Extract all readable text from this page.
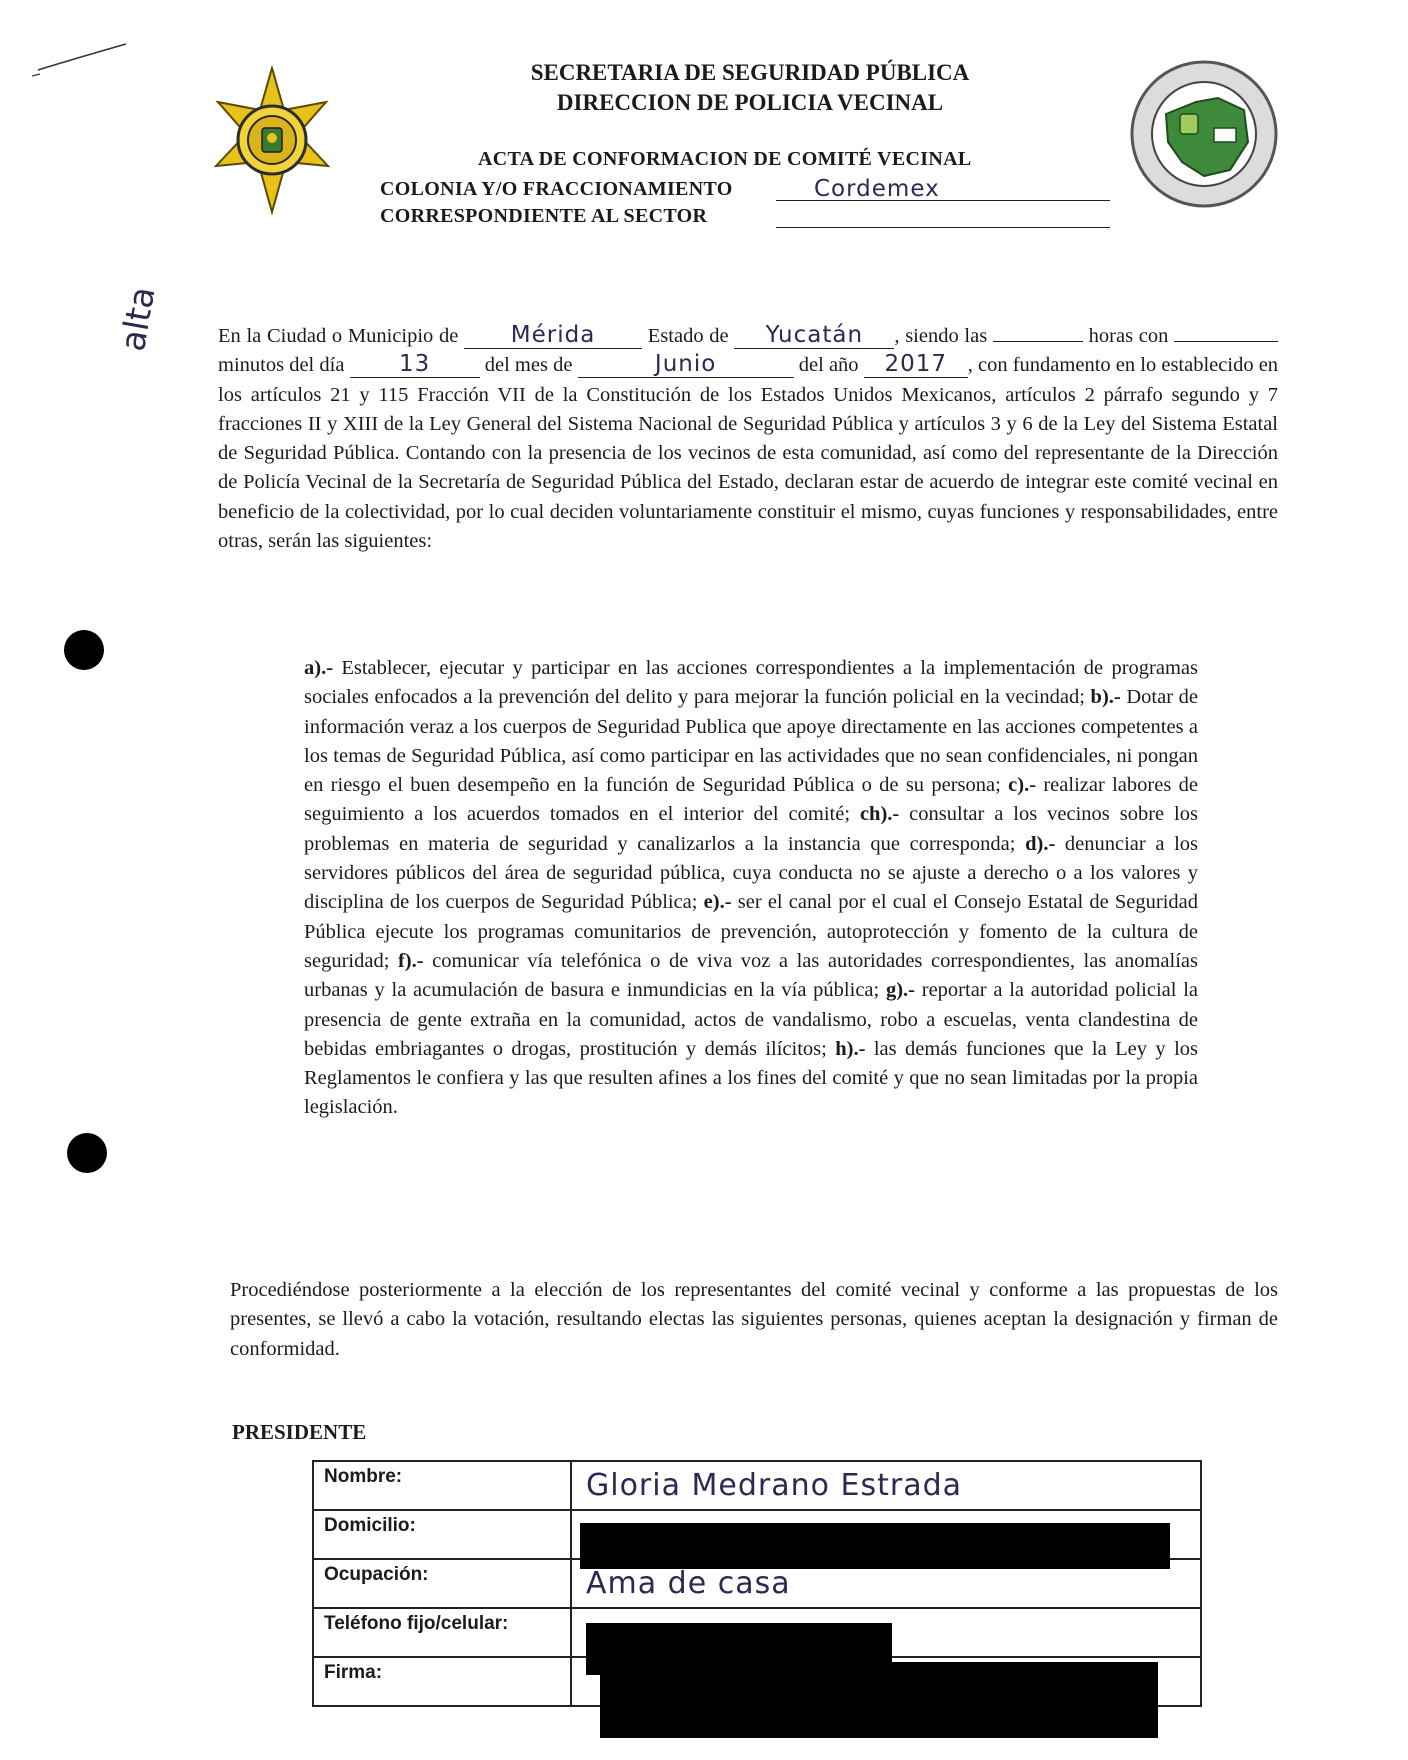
alta

SECRETARIA DE SEGURIDAD PÚBLICA

DIRECCION DE POLICIA VECINAL

ACTA DE CONFORMACION DE COMITÉ VECINAL
COLONIA Y/O FRACCIONAMIENTO	Cordemex
CORRESPONDIENTE AL SECTOR
En la Ciudad o Municipio de Mérida	Estado de Yucatán , siendo las	horas con  minutos del día 13	del mes de	Junio	del año 2017 , con fundamento en lo establecido en los artículos 21 y 115 Fracción VII de la Constitución de los Estados Unidos Mexicanos, artículos 2 párrafo segundo y 7 fracciones II y XIII de la Ley General del Sistema Nacional de Seguridad Pública y artículos 3 y 6 de la Ley del Sistema Estatal de Seguridad Pública. Contando con la presencia de los vecinos de esta comunidad, así como del representante de la Dirección de Policía Vecinal de la Secretaría de Seguridad Pública del Estado, declaran estar de acuerdo de integrar este comité vecinal en beneficio de la colectividad, por lo cual deciden voluntariamente constituir el mismo, cuyas funciones y responsabilidades, entre otras, serán las siguientes:
a).- Establecer, ejecutar y participar en las acciones correspondientes a la implementación de programas sociales enfocados a la prevención del delito y para mejorar la función policial en la vecindad; b).- Dotar de información veraz a los cuerpos de Seguridad Publica que apoye directamente en las acciones competentes a los temas de Seguridad Pública, así como participar en las actividades que no sean confidenciales, ni pongan en riesgo el buen desempeño en la función de Seguridad Pública o de su persona; c).- realizar labores de seguimiento a los acuerdos tomados en el interior del comité; ch).- consultar a los vecinos sobre los problemas en materia de seguridad y canalizarlos a la instancia que corresponda; d).- denunciar a los servidores públicos del área de seguridad pública, cuya conducta no se ajuste a derecho o a los valores y disciplina de los cuerpos de Seguridad Pública; e).- ser el canal por el cual el Consejo Estatal de Seguridad Pública ejecute los programas comunitarios de prevención, autoprotección y fomento de la cultura de seguridad; f).- comunicar vía telefónica o de viva voz a las autoridades correspondientes, las anomalías urbanas y la acumulación de basura e inmundicias en la vía pública; g).- reportar a la autoridad policial la presencia de gente extraña en la comunidad, actos de vandalismo, robo a escuelas, venta clandestina de bebidas embriagantes o drogas, prostitución y demás ilícitos; h).- las demás funciones que la Ley y los Reglamentos le confiera y las que resulten afines a los fines del comité y que no sean limitadas por la propia legislación.
Procediéndose posteriormente a la elección de los representantes del comité vecinal y conforme a las propuestas de los presentes, se llevó a cabo la votación, resultando electas las siguientes personas, quienes aceptan la designación y firman de conformidad.
PRESIDENTE
Nombre:	Gloria Medrano Estrada

Domicilio:	

Ocupación:	Ama de casa

Teléfono fijo/celular:	

Firma:	
